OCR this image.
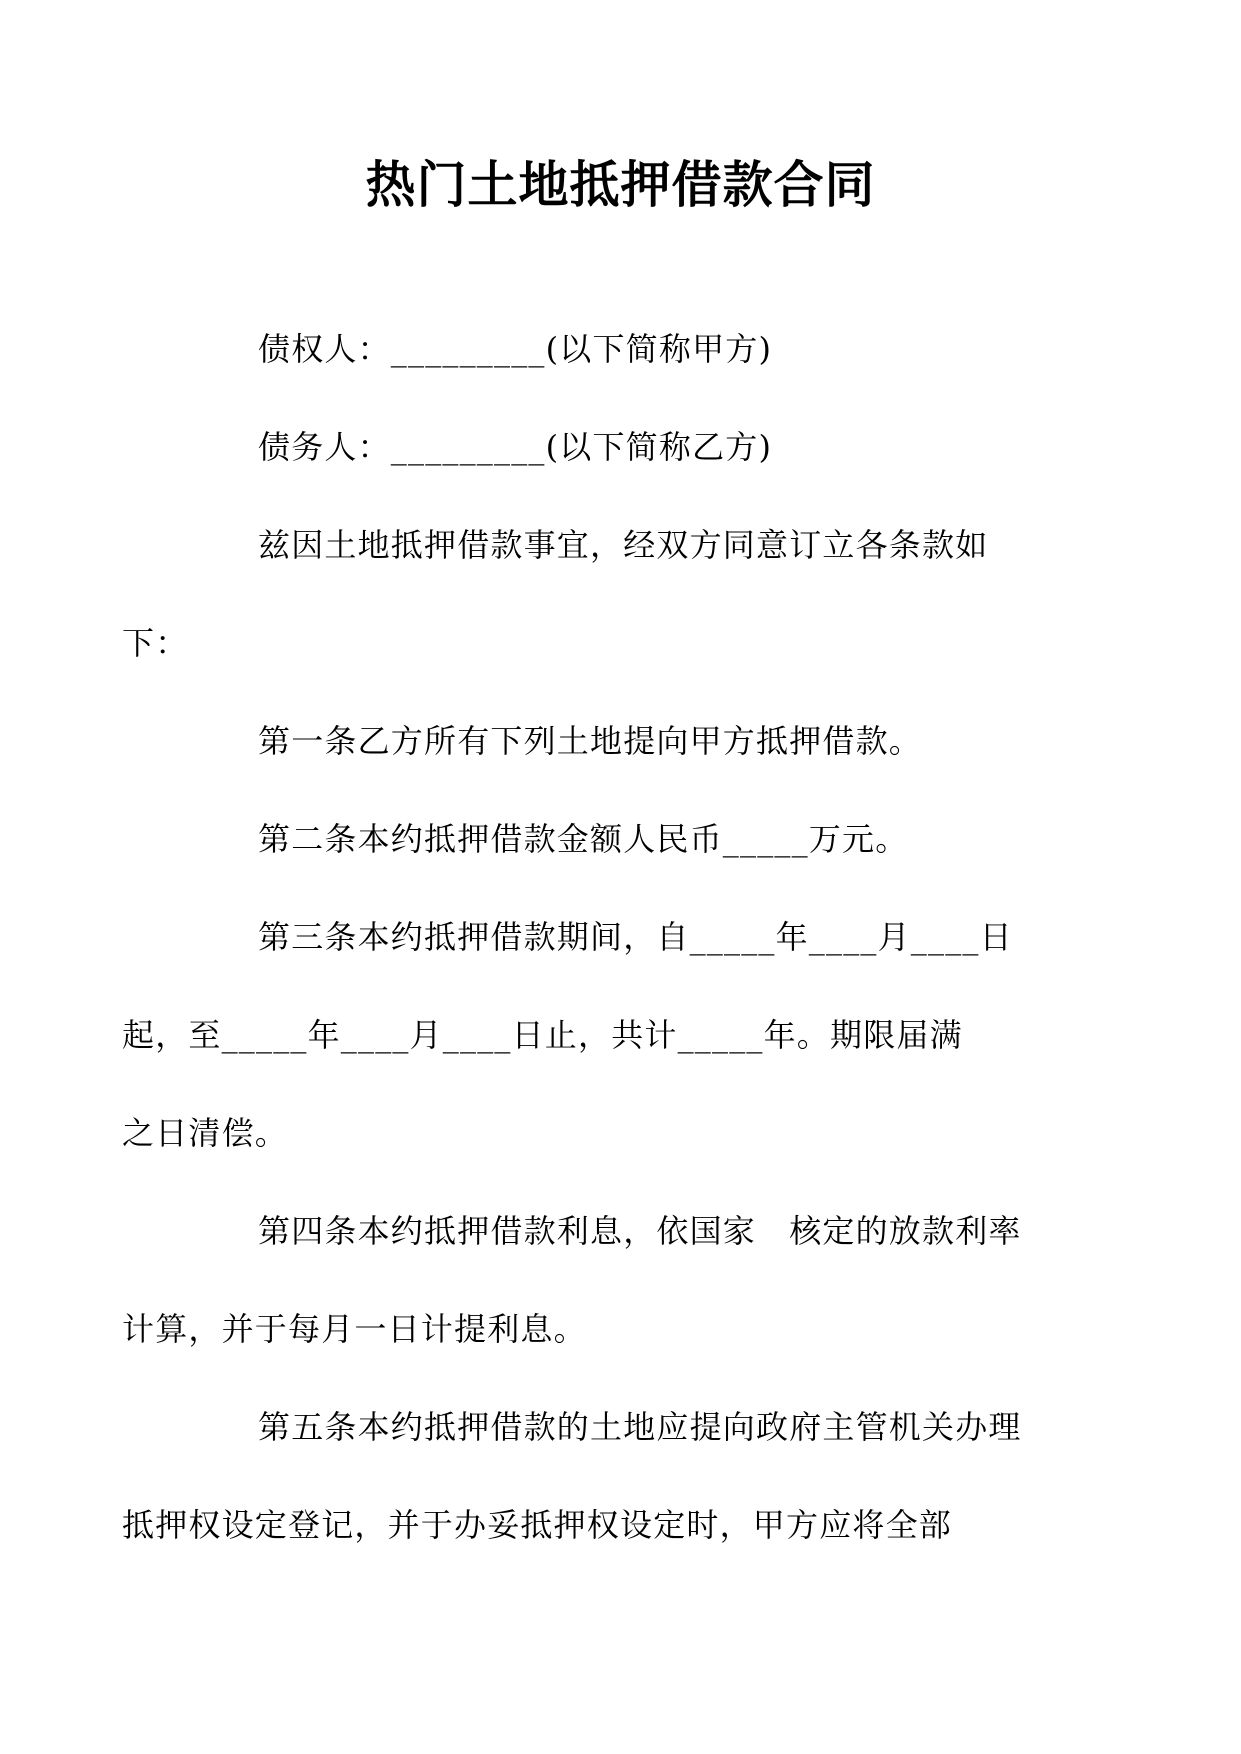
热门土地抵押借款合同

债权人：_________(以下简称甲方)

债务人：_________(以下简称乙方)

兹因土地抵押借款事宜，经双方同意订立各条款如
下：

第一条乙方所有下列土地提向甲方抵押借款。

第二条本约抵押借款金额人民币_____万元。

第三条本约抵押借款期间，自_____年____月____日
起，至_____年____月____日止，共计_____年。期限届满
之日清偿。

第四条本约抵押借款利息，依国家　核定的放款利率
计算，并于每月一日计提利息。

第五条本约抵押借款的土地应提向政府主管机关办理
抵押权设定登记，并于办妥抵押权设定时，甲方应将全部
